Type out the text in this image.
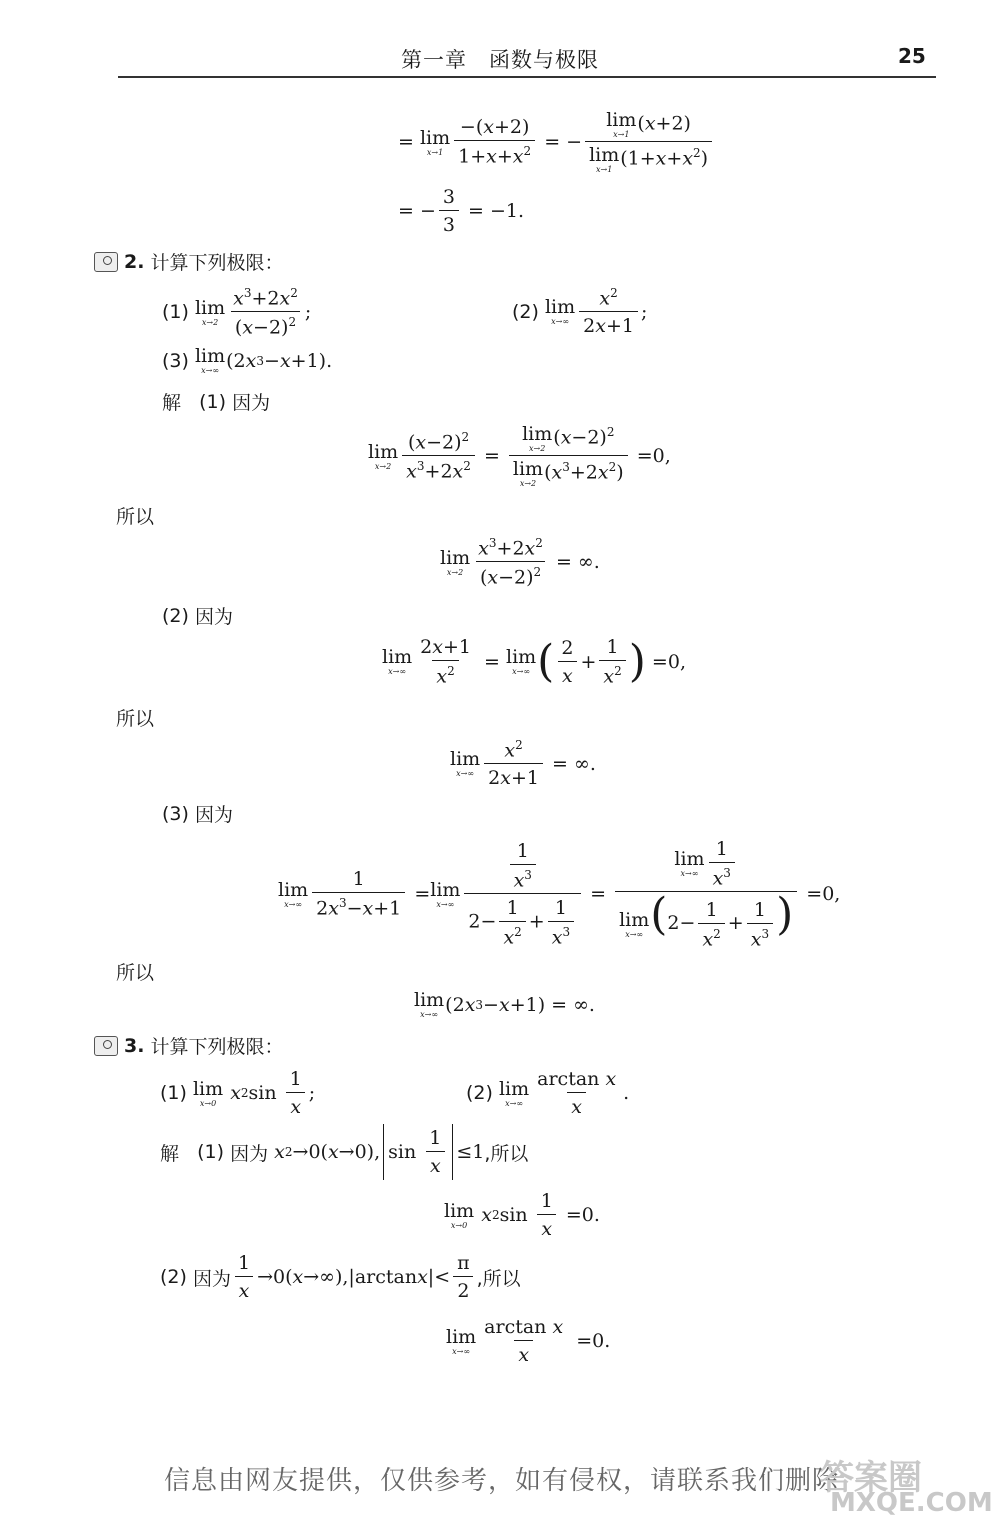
第一章　函数与极限	25
= lim
$x\to 1 \frac{-(x+2)}{1+x+x^2}$ = − lim
x→1 (x+2)
lim
x→1 $(1+x+x^2)$
= − $\frac{3}{3} = -1$.
2.
计算下列极限：
(1)
lim
$x\to 2 \frac{x^3+2x^2}{(x-2)^2}$ ;	(2)
lim
$x\to\infty \frac{x^2}{2x+1}$ ;
(3)
lim
x→∞ (2 x 3 − x +1).
解
(1)
因为
lim
$x\to 2 \frac{(x-2)^2}{x^3+2x^2} = \lim$
x→2 $(x-2)^2$
lim
x→2 $(x^3+2x^2) =0$,
所以
lim
$x\to 2 \frac{x^3+2x^2}{(x-2)^2}$ = ∞.
(2)
因为
lim
$x\to\infty \frac{2x+1}{x^2} = \lim$
x→∞ ( $\frac{2}{x} + \frac{1}{x^2}$ ) =0,
所以
lim
$x\to\infty \frac{x^2}{2x+1}$ = ∞.
(3)
因为
lim
$x\to\infty \frac{1}{2x^3-x+1} = \lim$
$x\to\infty \frac{\frac{1}{x^3}}{2- \frac{1}{x^2} + \frac{1}{x^3}} = \lim$
$x\to\infty \frac{1}{x^3}$
lim
x→∞ ($2- \frac{1}{x^2} + \frac{1}{x^3}$ ) =0,
所以
lim
x→∞ (2 x 3 − x +1) = ∞.
3.
计算下列极限：
(1)
lim
x→0
x 2 $\sin \frac{1}{x}$ ;	(2)
lim
$x\to\infty \frac{\text{arctan x}}{x}$ .
解
(1)
因为
x 2 →0( x →0), $\sin \frac{1}{x} \le 1$ ,所以
lim
x→0
x 2 $\sin \frac{1}{x} =0$.
(2)
因为 $\frac{1}{x} \to 0$( x →∞),|arctan x |< $\frac{\pi}{2}$ ,所以
lim
$x\to\infty \frac{\text{arctan x}}{x} =0$.
信息由网友提供，仅供参考，如有侵权，请联系我们删除
答案圈
MXQE.COM
